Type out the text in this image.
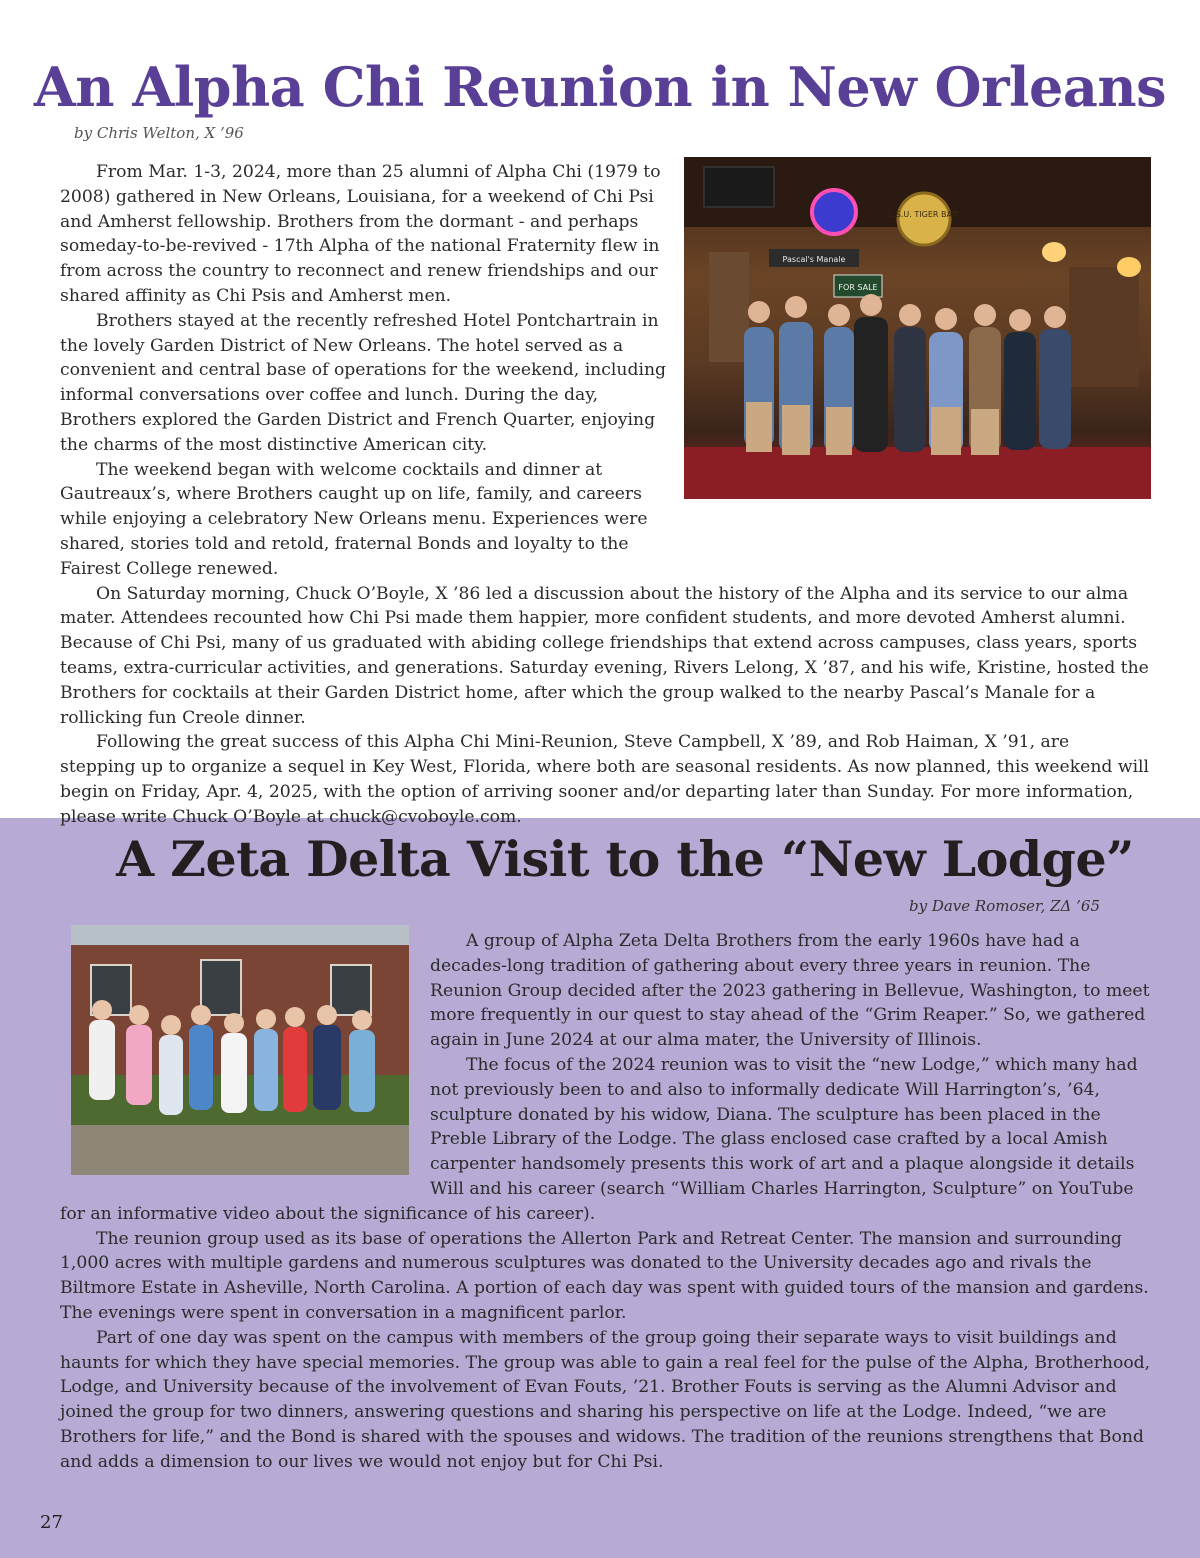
An Alpha Chi Reunion in New Orleans
by Chris Welton, X ’96
L.S.U. TIGER BAIT
Pascal's Manale
FOR SALE

From Mar. 1-3, 2024, more than 25 alumni of Alpha Chi (1979 to 2008) gathered in New Orleans, Louisiana, for a weekend of Chi Psi and Amherst fellowship. Brothers from the dormant - and perhaps someday-to-be-revived - 17th Alpha of the national Fraternity flew in from across the country to reconnect and renew friendships and our shared affinity as Chi Psis and Amherst men.

Brothers stayed at the recently refreshed Hotel Pontchartrain in the lovely Garden District of New Orleans. The hotel served as a convenient and central base of operations for the weekend, including informal conversations over coffee and lunch. During the day, Brothers explored the Garden District and French Quarter, enjoying the charms of the most distinctive American city.

The weekend began with welcome cocktails and dinner at Gautreaux’s, where Brothers caught up on life, family, and careers while enjoying a celebratory New Orleans menu. Experiences were shared, stories told and retold, fraternal Bonds and loyalty to the Fairest College renewed.

On Saturday morning, Chuck O’Boyle, X ’86 led a discussion about the history of the Alpha and its service to our alma mater. Attendees recounted how Chi Psi made them happier, more confident students, and more devoted Amherst alumni. Because of Chi Psi, many of us graduated with abiding college friendships that extend across campuses, class years, sports teams, extra-curricular activities, and generations. Saturday evening, Rivers Lelong, X ’87, and his wife, Kristine, hosted the Brothers for cocktails at their Garden District home, after which the group walked to the nearby Pascal’s Manale for a rollicking fun Creole dinner.

Following the great success of this Alpha Chi Mini-Reunion, Steve Campbell, X ’89, and Rob Haiman, X ’91, are stepping up to organize a sequel in Key West, Florida, where both are seasonal residents. As now planned, this weekend will begin on Friday, Apr. 4, 2025, with the option of arriving sooner and/or departing later than Sunday. For more information, please write Chuck O’Boyle at chuck@cvoboyle.com.

A Zeta Delta Visit to the “New Lodge”
by Dave Romoser, ZΔ ’65

A group of Alpha Zeta Delta Brothers from the early 1960s have had a decades-long tradition of gathering about every three years in reunion. The Reunion Group decided after the 2023 gathering in Bellevue, Washington, to meet more frequently in our quest to stay ahead of the “Grim Reaper.” So, we gathered again in June 2024 at our alma mater, the University of Illinois.

The focus of the 2024 reunion was to visit the “new Lodge,” which many had not previously been to and also to informally dedicate Will Harrington’s, ’64, sculpture donated by his widow, Diana. The sculpture has been placed in the Preble Library of the Lodge. The glass enclosed case crafted by a local Amish carpenter handsomely presents this work of art and a plaque alongside it details Will and his career (search “William Charles Harrington, Sculpture” on YouTube for an informative video about the significance of his career).

The reunion group used as its base of operations the Allerton Park and Retreat Center. The mansion and surrounding 1,000 acres with multiple gardens and numerous sculptures was donated to the University decades ago and rivals the Biltmore Estate in Asheville, North Carolina. A portion of each day was spent with guided tours of the mansion and gardens. The evenings were spent in conversation in a magnificent parlor.

Part of one day was spent on the campus with members of the group going their separate ways to visit buildings and haunts for which they have special memories. The group was able to gain a real feel for the pulse of the Alpha, Brotherhood, Lodge, and University because of the involvement of Evan Fouts, ’21. Brother Fouts is serving as the Alumni Advisor and joined the group for two dinners, answering questions and sharing his perspective on life at the Lodge. Indeed, “we are Brothers for life,” and the Bond is shared with the spouses and widows. The tradition of the reunions strengthens that Bond and adds a dimension to our lives we would not enjoy but for Chi Psi.

27
